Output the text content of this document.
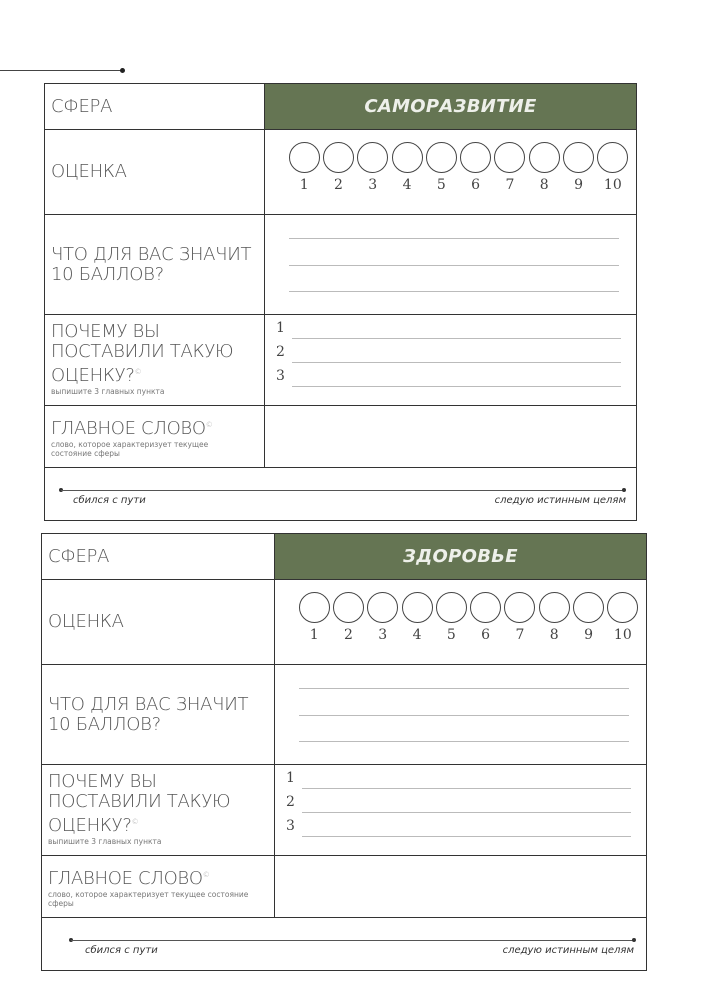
СФЕРА	САМОРАЗВИТИЕ
ОЦЕНКА
1 2 3 4 5 6 7 8 9 10
ЧТО ДЛЯ ВАС ЗНАЧИТ 10 БАЛЛОВ?
ПОЧЕМУ ВЫ ПОСТАВИЛИ ТАКУЮ ОЦЕНКУ?©
выпишите 3 главных пункта
1
2
3
ГЛАВНОЕ СЛОВО©
слово, которое характеризует текущее состояние сферы
сбился с пути	следую истинным целям
СФЕРА	ЗДОРОВЬЕ
ОЦЕНКА
1 2 3 4 5 6 7 8 9 10
ЧТО ДЛЯ ВАС ЗНАЧИТ 10 БАЛЛОВ?
ПОЧЕМУ ВЫ ПОСТАВИЛИ ТАКУЮ ОЦЕНКУ?©
выпишите 3 главных пункта
1
2
3
ГЛАВНОЕ СЛОВО©
слово, которое характеризует текущее состояние сферы
сбился с пути	следую истинным целям
